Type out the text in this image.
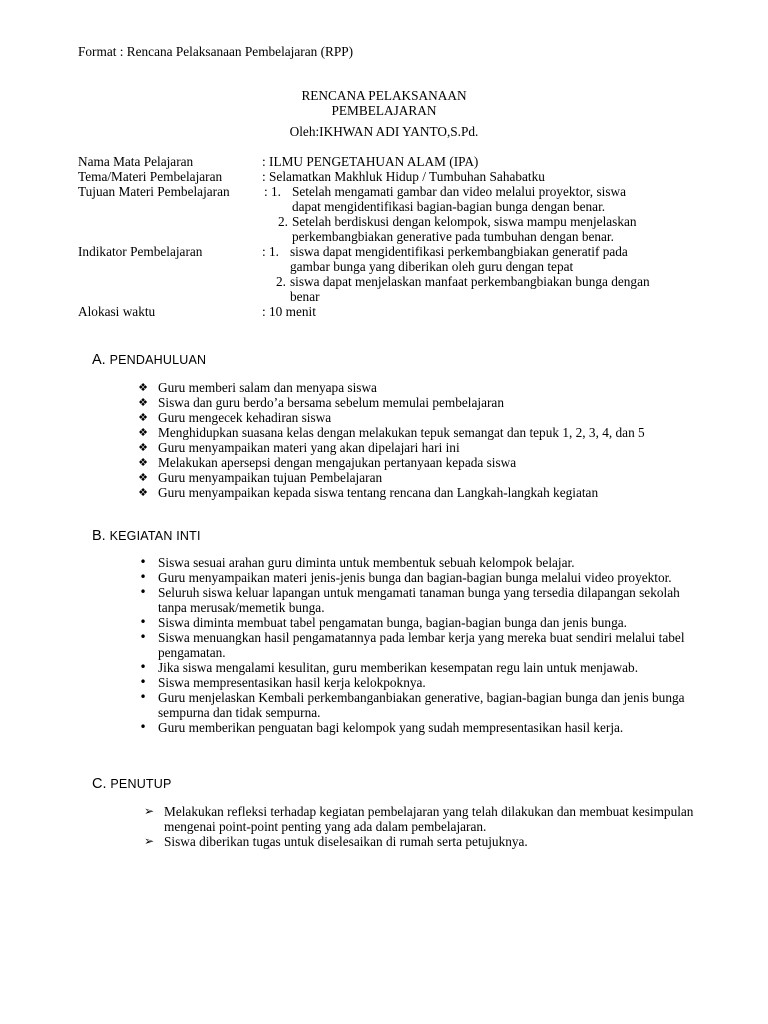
Format : Rencana Pelaksanaan Pembelajaran (RPP)
RENCANA PELAKSANAAN
PEMBELAJARAN
Oleh:IKHWAN ADI YANTO,S.Pd.
Nama Mata Pelajaran	: ILMU PENGETAHUAN ALAM (IPA)
Tema/Materi Pembelajaran	: Selamatkan Makhluk Hidup / Tumbuhan Sahabatku
Tujuan Materi Pembelajaran	: 1. Setelah mengamati gambar dan video melalui proyektor, siswa
dapat mengidentifikasi bagian-bagian bunga dengan benar.
2. Setelah berdiskusi dengan kelompok, siswa mampu menjelaskan
perkembangbiakan generative pada tumbuhan dengan benar.
Indikator Pembelajaran	: 1. siswa dapat mengidentifikasi perkembangbiakan generatif pada
gambar bunga yang diberikan oleh guru dengan tepat
2. siswa dapat menjelaskan manfaat perkembangbiakan bunga dengan
benar
Alokasi waktu	: 10 menit
A. PENDAHULUAN
❖ Guru memberi salam dan menyapa siswa
❖ Siswa dan guru berdo’a bersama sebelum memulai pembelajaran
❖ Guru mengecek kehadiran siswa
❖ Menghidupkan suasana kelas dengan melakukan tepuk semangat dan tepuk 1, 2, 3, 4, dan 5
❖ Guru menyampaikan materi yang akan dipelajari hari ini
❖ Melakukan apersepsi dengan mengajukan pertanyaan kepada siswa
❖ Guru menyampaikan tujuan Pembelajaran
❖ Guru menyampaikan kepada siswa tentang rencana dan Langkah-langkah kegiatan
B. KEGIATAN INTI
• Siswa sesuai arahan guru diminta untuk membentuk sebuah kelompok belajar.
• Guru menyampaikan materi jenis-jenis bunga dan bagian-bagian bunga melalui video proyektor.
• Seluruh siswa keluar lapangan untuk mengamati tanaman bunga yang tersedia dilapangan sekolah tanpa merusak/memetik bunga.
• Siswa diminta membuat tabel pengamatan bunga, bagian-bagian bunga dan jenis bunga.
• Siswa menuangkan hasil pengamatannya pada lembar kerja yang mereka buat sendiri melalui tabel pengamatan.
• Jika siswa mengalami kesulitan, guru memberikan kesempatan regu lain untuk menjawab.
• Siswa mempresentasikan hasil kerja kelokpoknya.
• Guru menjelaskan Kembali perkembanganbiakan generative, bagian-bagian bunga dan jenis bunga sempurna dan tidak sempurna.
• Guru memberikan penguatan bagi kelompok yang sudah mempresentasikan hasil kerja.
C. PENUTUP
➢ Melakukan refleksi terhadap kegiatan pembelajaran yang telah dilakukan dan membuat kesimpulan mengenai point-point penting yang ada dalam pembelajaran.
➢ Siswa diberikan tugas untuk diselesaikan di rumah serta petujuknya.
